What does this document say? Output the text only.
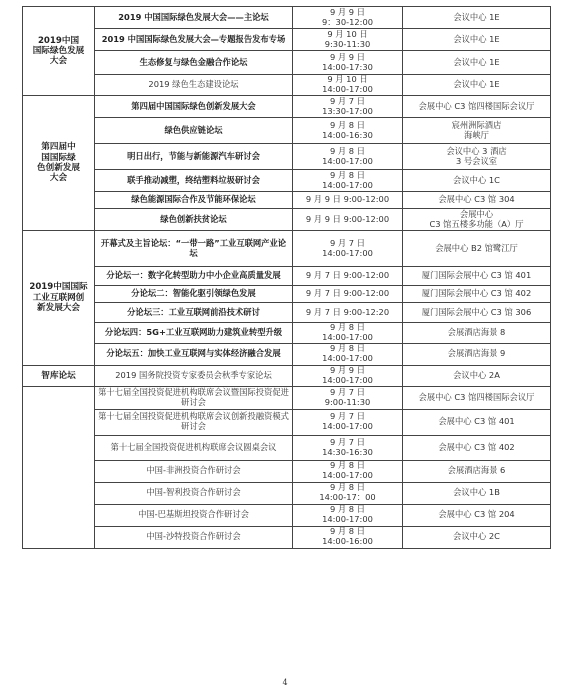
2019中国
国际绿色发展
大会	2019 中国国际绿色发展大会——主论坛	9 月 9 日
9：30-12:00	会议中心 1E
	2019 中国国际绿色发展大会—专题报告发布专场	9 月 10 日
9:30-11:30	会议中心 1E
	生态修复与绿色金融合作论坛	9 月 9 日
14:00-17:30	会议中心 1E
	2019 绿色生态建设论坛	9 月 10 日
14:00-17:00	会议中心 1E
第四届中
国国际绿
色创新发展
大会	第四届中国国际绿色创新发展大会	9 月 7 日
13:30-17:00	会展中心 C3 馆四楼国际会议厅
	绿色供应链论坛	9 月 8 日
14:00-16:30	宸州洲际酒店
海峡厅
	明日出行，节能与新能源汽车研讨会	9 月 8 日
14:00-17:00	会议中心 3 酒店
3 号会议室
	联手推动减塑，终结塑料垃圾研讨会	9 月 8 日
14:00-17:00	会议中心 1C
	绿色能源国际合作及节能环保论坛	9 月 9 日 9:00-12:00	会展中心 C3 馆 304
	绿色创新扶贫论坛	9 月 9 日 9:00-12:00	会展中心
C3 馆五楼多功能（A）厅
2019中国国际
工业互联网创
新发展大会	开幕式及主旨论坛：“一带一路”工业互联网产业论坛	9 月 7 日
14:00-17:00	会展中心 B2 馆鹭江厅
	分论坛一：数字化转型助力中小企业高质量发展	9 月 7 日 9:00-12:00	厦门国际会展中心 C3 馆 401
	分论坛二：智能化驱引领绿色发展	9 月 7 日 9:00-12:00	厦门国际会展中心 C3 馆 402
	分论坛三：工业互联网前沿技术研讨	9 月 7 日 9:00-12:20	厦门国际会展中心 C3 馆 306
	分论坛四：5G+工业互联网助力建筑业转型升级	9 月 8 日
14:00-17:00	会展酒店海景 8
	分论坛五：加快工业互联网与实体经济融合发展	9 月 8 日
14:00-17:00	会展酒店海景 9
智库论坛	2019 国务院投资专家委员会秋季专家论坛	9 月 9 日
14:00-17:00	会议中心 2A
	第十七届全国投资促进机构联席会议暨国际投资促进研讨会	9 月 7 日
9:00-11:30	会展中心 C3 馆四楼国际会议厅
	第十七届全国投资促进机构联席会议创新投融资模式研讨会	9 月 7 日
14:00-17:00	会展中心 C3 馆 401
	第十七届全国投资促进机构联席会议圆桌会议	9 月 7 日
14:30-16:30	会展中心 C3 馆 402
	中国-非洲投资合作研讨会	9 月 8 日
14:00-17:00	会展酒店海景 6
	中国-智利投资合作研讨会	9 月 8 日
14:00-17：00	会议中心 1B
	中国-巴基斯坦投资合作研讨会	9 月 8 日
14:00-17:00	会展中心 C3 馆 204
	中国-沙特投资合作研讨会	9 月 8 日
14:00-16:00	会议中心 2C
4
